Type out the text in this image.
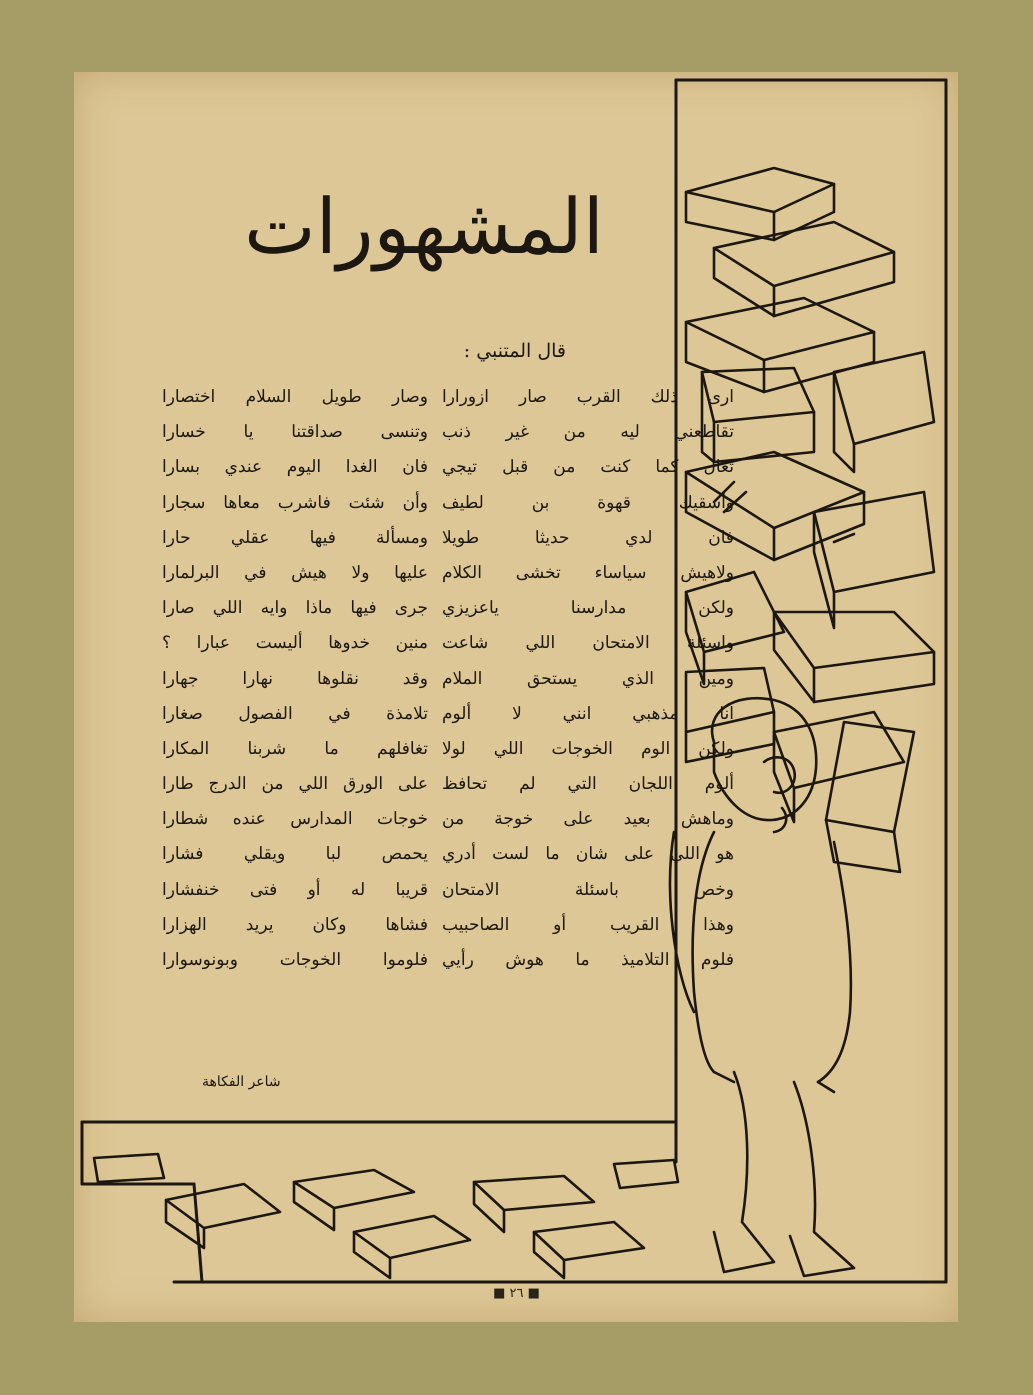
المشهورات
قال المتنبي :
ارى ذلك القرب صار ازورارا
تقاطعني ليه من غير ذنب
تعال كما كنت من قبل تيجي
وأسقيك قهوة بن لطيف
فان لدي حديثا طويلا
ولاهيش سياساء تخشى الكلام
ولكن مدارسنا ياعزيزي
واسئلة الامتحان اللي شاعت
ومين الذي يستحق الملام
انا مذهبي انني لا ألوم
ولكن الوم الخوجات اللي لولا
ألوم اللجان التي لم تحافظ
وماهش بعيد على خوجة من
هو اللي على شان ما لست أدري
وخص باسئلة الامتحان
وهذا القريب أو الصاحبيب
فلوم التلاميذ ما هوش رأيي
وصار طويل السلام اختصارا
وتنسى صداقتنا يا خسارا
فان الغدا اليوم عندي بسارا
وأن شئت فاشرب معاها سجارا
ومسألة فيها عقلي حارا
عليها ولا هيش في البرلمارا
جرى فيها ماذا وايه اللي صارا
منين خدوها أليست عبارا ؟
وقد نقلوها نهارا جهارا
تلامذة في الفصول صغارا
تغافلهم ما شربنا المكارا
على الورق اللي من الدرج طارا
خوجات المدارس عنده شطارا
يحمص لبا ويقلي فشارا
قريبا له أو فتى خنفشارا
فشاها وكان يريد الهزارا
فلوموا الخوجات وبونوسوارا
شاعر الفكاهة
■ ٢٦ ■
